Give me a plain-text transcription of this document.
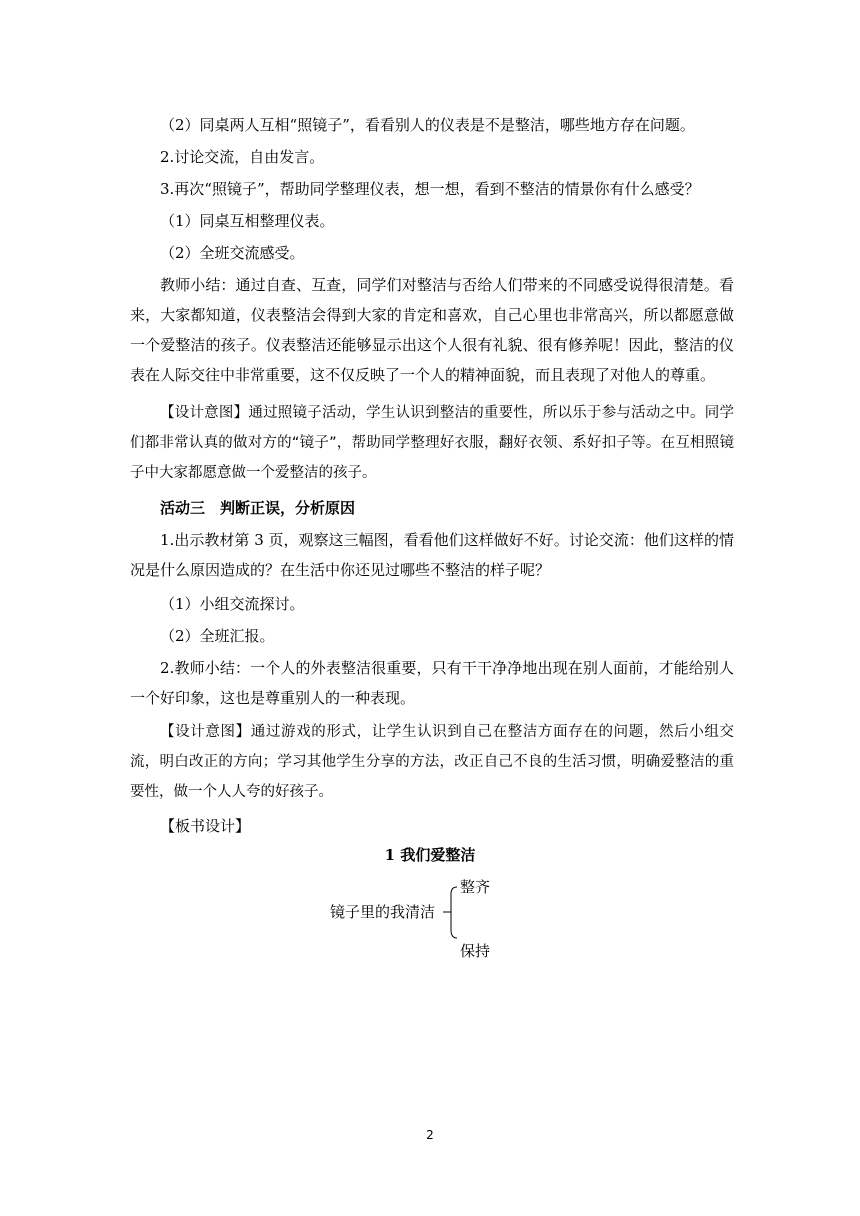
（2）同桌两人互相“照镜子”，看看别人的仪表是不是整洁，哪些地方存在问题。

2.讨论交流，自由发言。

3.再次“照镜子”，帮助同学整理仪表，想一想，看到不整洁的情景你有什么感受？

（1）同桌互相整理仪表。

（2）全班交流感受。

教师小结：通过自查、互查，同学们对整洁与否给人们带来的不同感受说得很清楚。看来，大家都知道，仪表整洁会得到大家的肯定和喜欢，自己心里也非常高兴，所以都愿意做一个爱整洁的孩子。仪表整洁还能够显示出这个人很有礼貌、很有修养呢！因此，整洁的仪表在人际交往中非常重要，这不仅反映了一个人的精神面貌，而且表现了对他人的尊重。

【设计意图】通过照镜子活动，学生认识到整洁的重要性，所以乐于参与活动之中。同学们都非常认真的做对方的“镜子”，帮助同学整理好衣服，翻好衣领、系好扣子等。在互相照镜子中大家都愿意做一个爱整洁的孩子。

活动三　判断正误，分析原因

1.出示教材第 3 页，观察这三幅图，看看他们这样做好不好。讨论交流：他们这样的情况是什么原因造成的？在生活中你还见过哪些不整洁的样子呢？

（1）小组交流探讨。

（2）全班汇报。

2.教师小结：一个人的外表整洁很重要，只有干干净净地出现在别人面前，才能给别人一个好印象，这也是尊重别人的一种表现。

【设计意图】通过游戏的形式，让学生认识到自己在整洁方面存在的问题，然后小组交流，明白改正的方向；学习其他学生分享的方法，改正自己不良的生活习惯，明确爱整洁的重要性，做一个人人夸的好孩子。

【板书设计】

1 我们爱整洁
镜子里的我清洁
整齐
保持
2
